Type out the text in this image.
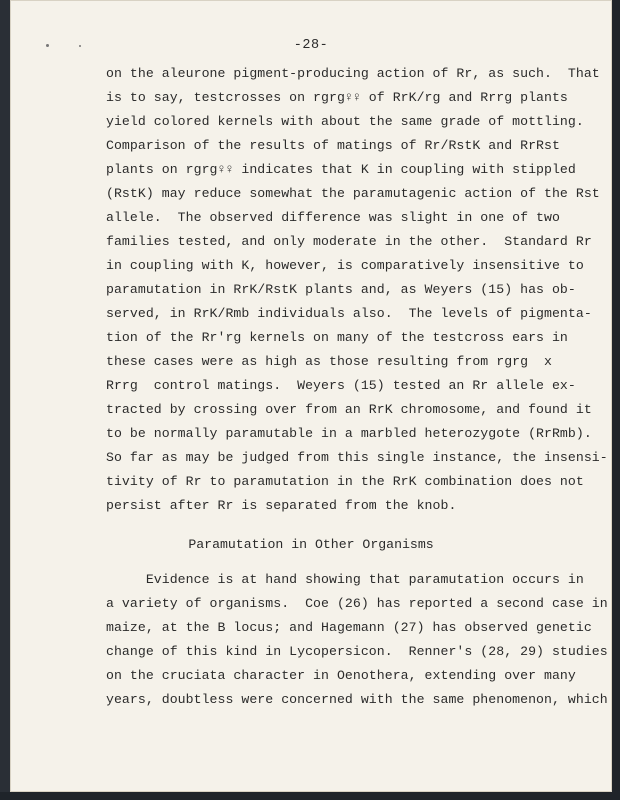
-28-
on the aleurone pigment-producing action of Rr, as such.  That
is to say, testcrosses on rgrg♀♀ of RrK/rg and Rrrg plants
yield colored kernels with about the same grade of mottling.
Comparison of the results of matings of Rr/RstK and RrRst
plants on rgrg♀♀ indicates that K in coupling with stippled
(RstK) may reduce somewhat the paramutagenic action of the Rst
allele.  The observed difference was slight in one of two
families tested, and only moderate in the other.  Standard Rr
in coupling with K, however, is comparatively insensitive to
paramutation in RrK/RstK plants and, as Weyers (15) has ob-
served, in RrK/Rmb individuals also.  The levels of pigmenta-
tion of the Rr'rg kernels on many of the testcross ears in
these cases were as high as those resulting from rgrg  x
Rrrg  control matings.  Weyers (15) tested an Rr allele ex-
tracted by crossing over from an RrK chromosome, and found it
to be normally paramutable in a marbled heterozygote (RrRmb).
So far as may be judged from this single instance, the insensi-
tivity of Rr to paramutation in the RrK combination does not
persist after Rr is separated from the knob.
Paramutation in Other Organisms
Evidence is at hand showing that paramutation occurs in
a variety of organisms.  Coe (26) has reported a second case in
maize, at the B locus; and Hagemann (27) has observed genetic
change of this kind in Lycopersicon.  Renner's (28, 29) studies
on the cruciata character in Oenothera, extending over many
years, doubtless were concerned with the same phenomenon, which
